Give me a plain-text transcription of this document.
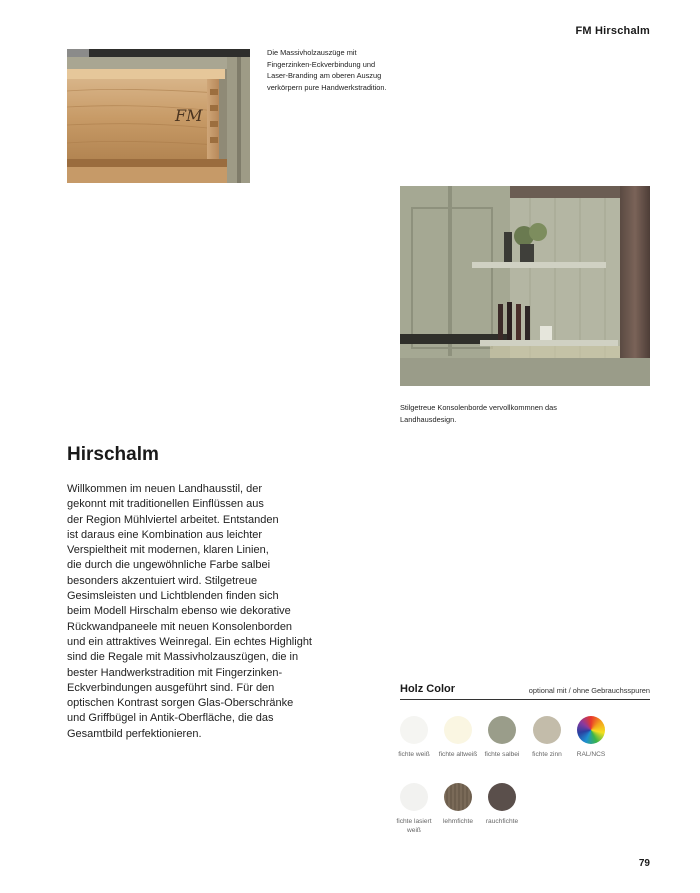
FM Hirschalm
FM
Die Massivholzauszüge mit Fingerzinken-Eckverbindung und Laser-Branding am oberen Auszug verkörpern pure Handwerkstradition.
Stilgetreue Konsolenborde vervollkommnen das Landhausdesign.
Hirschalm
Willkommen im neuen Landhausstil, der
gekonnt mit traditionellen Einflüssen aus
der Region Mühlviertel arbeitet. Entstanden
ist daraus eine Kombination aus leichter
Verspieltheit mit modernen, klaren Linien,
die durch die ungewöhnliche Farbe salbei
besonders akzentuiert wird. Stilgetreue
Gesimsleisten und Lichtblenden finden sich
beim Modell Hirschalm ebenso wie dekorative
Rückwandpaneele mit neuen Konsolenborden
und ein attraktives Weinregal. Ein echtes Highlight
sind die Regale mit Massivholzauszügen, die in
bester Handwerkstradition mit Fingerzinken-
Eckverbindungen ausgeführt sind. Für den
optischen Kontrast sorgen Glas-Oberschränke
und Griffbügel in Antik-Oberfläche, die das
Gesamtbild perfektionieren.
Holz Color	optional mit / ohne Gebrauchsspuren
fichte weiß	fichte altweiß	fichte salbei	fichte zinn	RAL/NCS
fichte lasiert weiß
lehmfichte	rauchfichte
79
